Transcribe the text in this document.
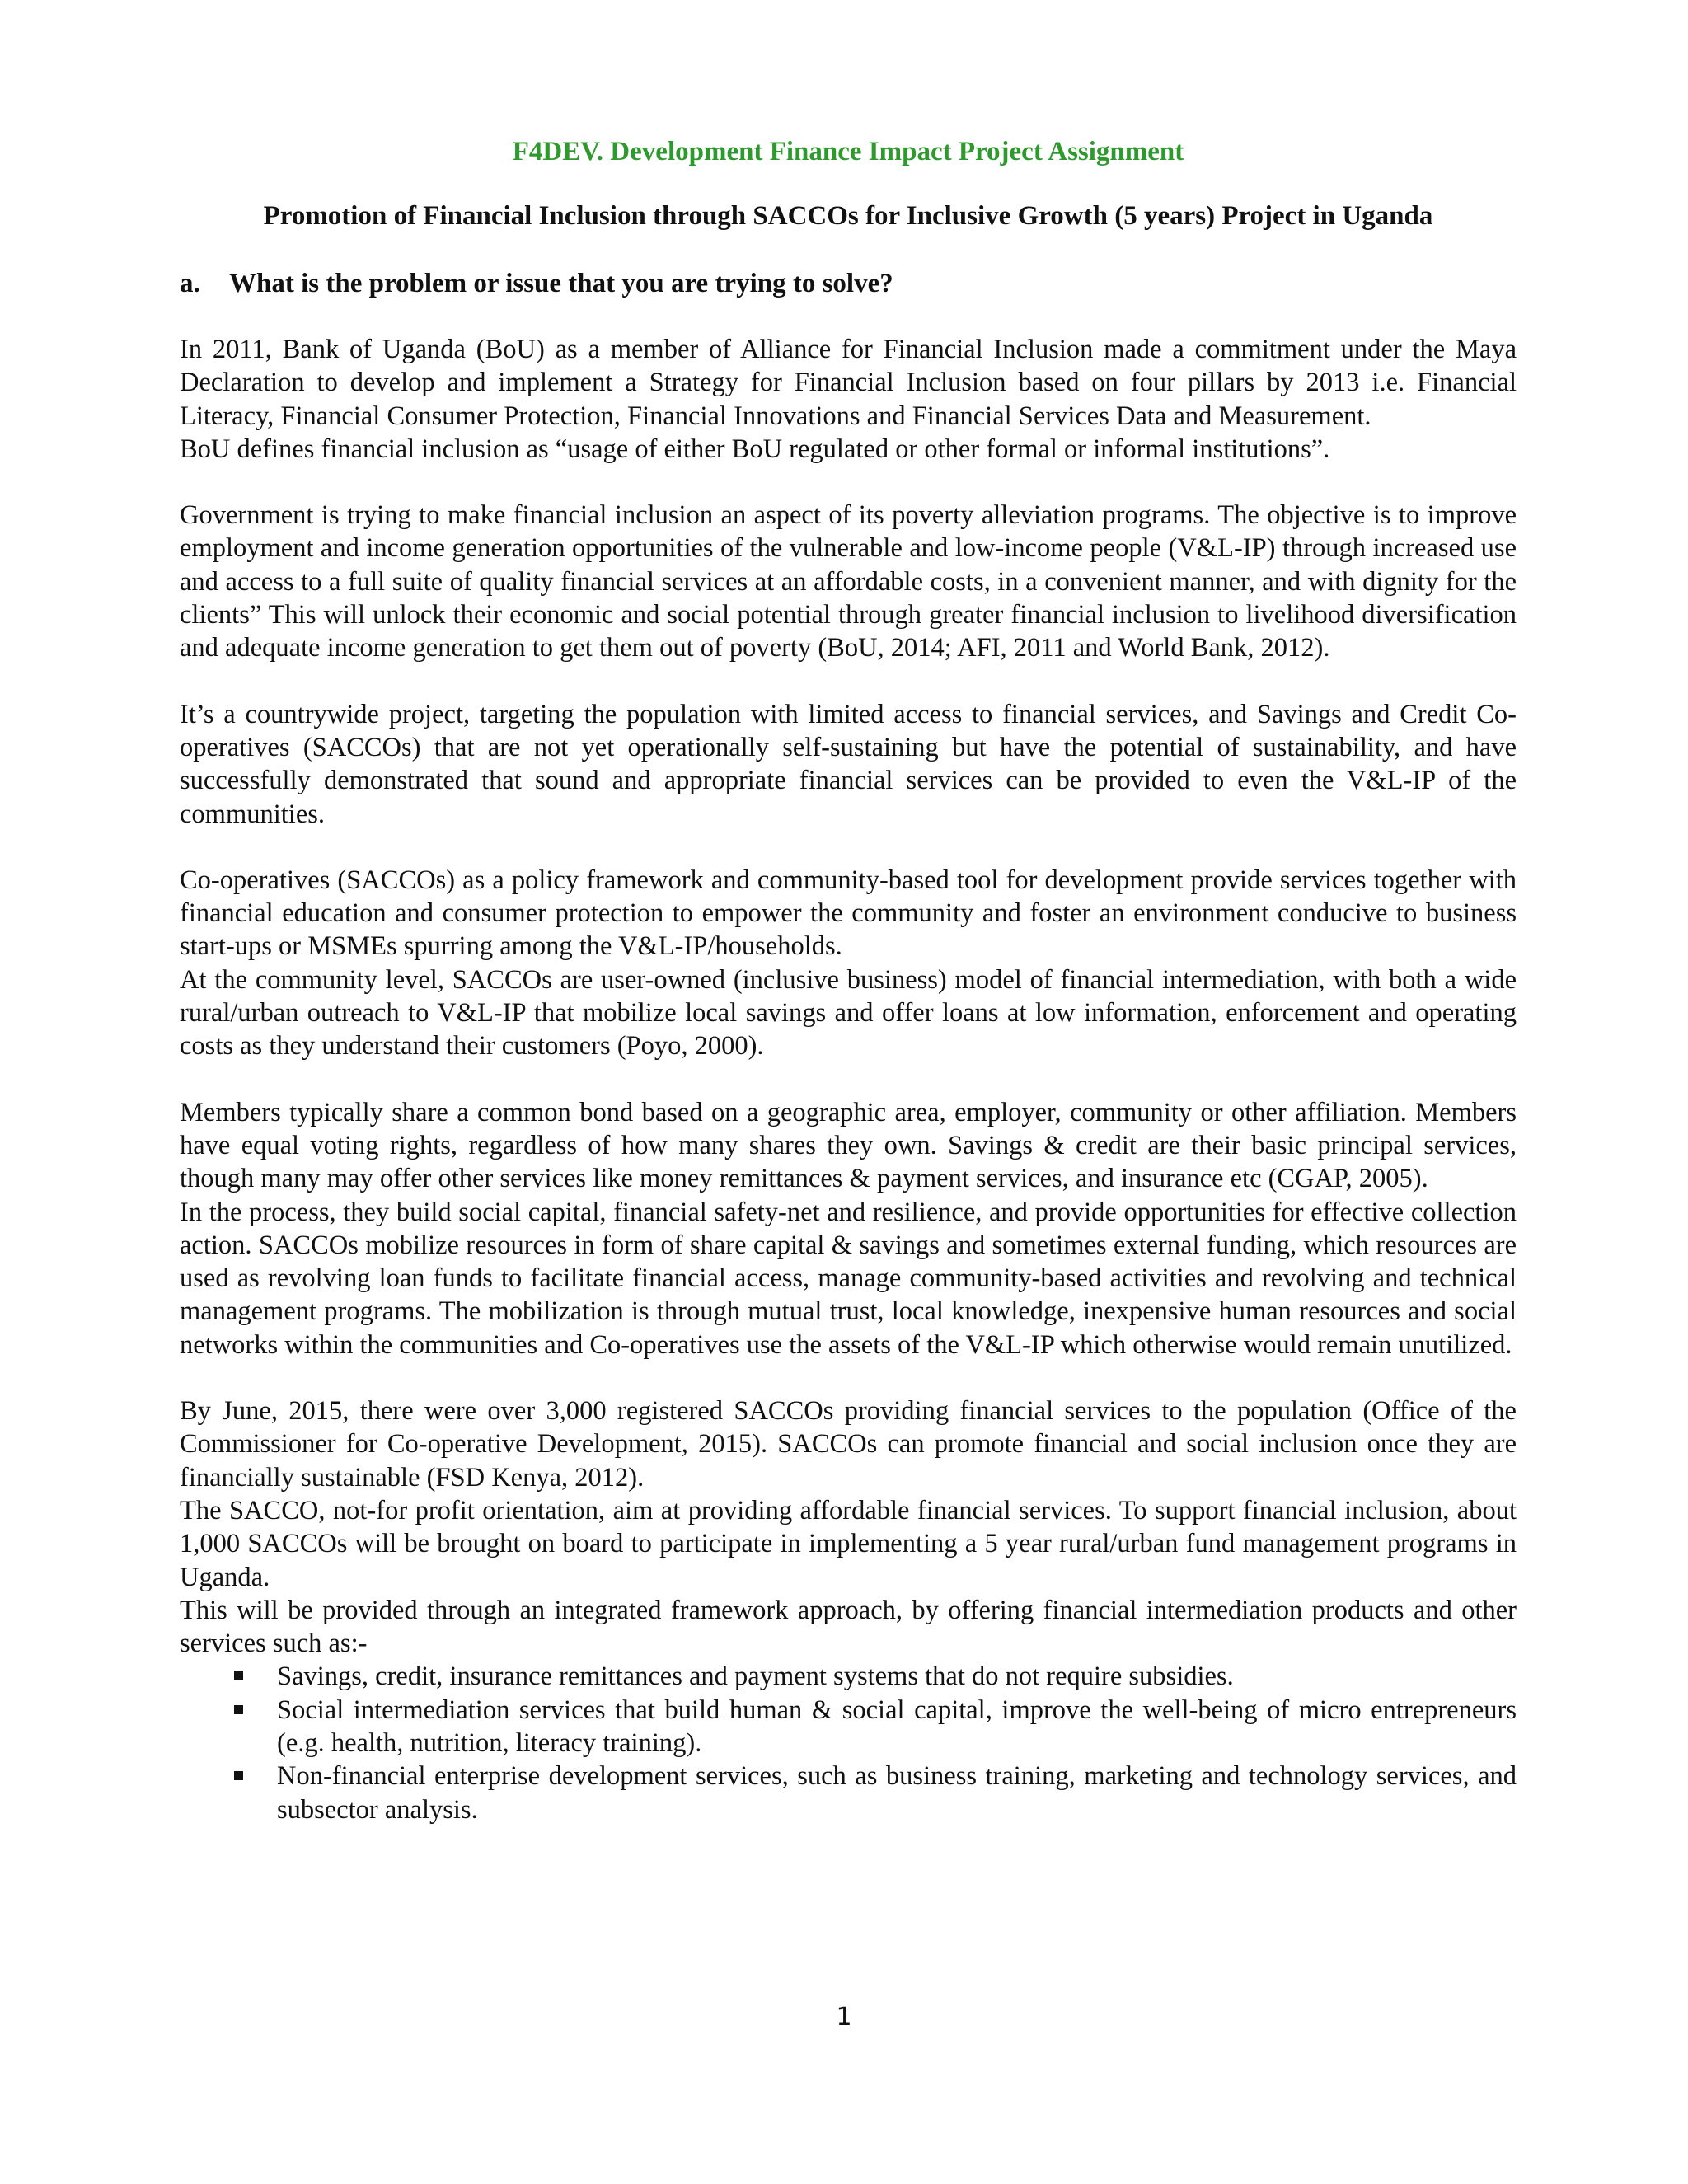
F4DEV. Development Finance Impact Project Assignment
Promotion of Financial Inclusion through SACCOs for Inclusive Growth (5 years) Project in Uganda
a.	What is the problem or issue that you are trying to solve?

In 2011, Bank of Uganda (BoU) as a member of Alliance for Financial Inclusion made a commitment under the Maya Declaration to develop and implement a Strategy for Financial Inclusion based on four pillars by 2013 i.e. Financial Literacy, Financial Consumer Protection, Financial Innovations and Financial Services Data and Measurement.

BoU defines financial inclusion as “usage of either BoU regulated or other formal or informal institutions”.

Government is trying to make financial inclusion an aspect of its poverty alleviation programs. The objective is to improve employment and income generation opportunities of the vulnerable and low-income people (V&L-IP) through increased use and access to a full suite of quality financial services at an affordable costs, in a convenient manner, and with dignity for the clients” This will unlock their economic and social potential through greater financial inclusion to livelihood diversification and adequate income generation to get them out of poverty (BoU, 2014; AFI, 2011 and World Bank, 2012).

It’s a countrywide project, targeting the population with limited access to financial services, and Savings and Credit Co-operatives (SACCOs) that are not yet operationally self-sustaining but have the potential of sustainability, and have successfully demonstrated that sound and appropriate financial services can be provided to even the V&L-IP of the communities.

Co-operatives (SACCOs) as a policy framework and community-based tool for development provide services together with financial education and consumer protection to empower the community and foster an environment conducive to business start-ups or MSMEs spurring among the V&L-IP/households.

At the community level, SACCOs are user-owned (inclusive business) model of financial intermediation, with both a wide rural/urban outreach to V&L-IP that mobilize local savings and offer loans at low information, enforcement and operating costs as they understand their customers (Poyo, 2000).

Members typically share a common bond based on a geographic area, employer, community or other affiliation. Members have equal voting rights, regardless of how many shares they own. Savings & credit are their basic principal services, though many may offer other services like money remittances & payment services, and insurance etc (CGAP, 2005).

In the process, they build social capital, financial safety-net and resilience, and provide opportunities for effective collection action. SACCOs mobilize resources in form of share capital & savings and sometimes external funding, which resources are used as revolving loan funds to facilitate financial access, manage community-based activities and revolving and technical management programs. The mobilization is through mutual trust, local knowledge, inexpensive human resources and social networks within the communities and Co-operatives use the assets of the V&L-IP which otherwise would remain unutilized.

By June, 2015, there were over 3,000 registered SACCOs providing financial services to the population (Office of the Commissioner for Co-operative Development, 2015). SACCOs can promote financial and social inclusion once they are financially sustainable (FSD Kenya, 2012).

The SACCO, not-for profit orientation, aim at providing affordable financial services. To support financial inclusion, about 1,000 SACCOs will be brought on board to participate in implementing a 5 year rural/urban fund management programs in Uganda.

This will be provided through an integrated framework approach, by offering financial intermediation products and other services such as:-

Savings, credit, insurance remittances and payment systems that do not require subsidies.
Social intermediation services that build human & social capital, improve the well-being of micro entrepreneurs (e.g. health, nutrition, literacy training).
Non-financial enterprise development services, such as business training, marketing and technology services, and subsector analysis.
1
